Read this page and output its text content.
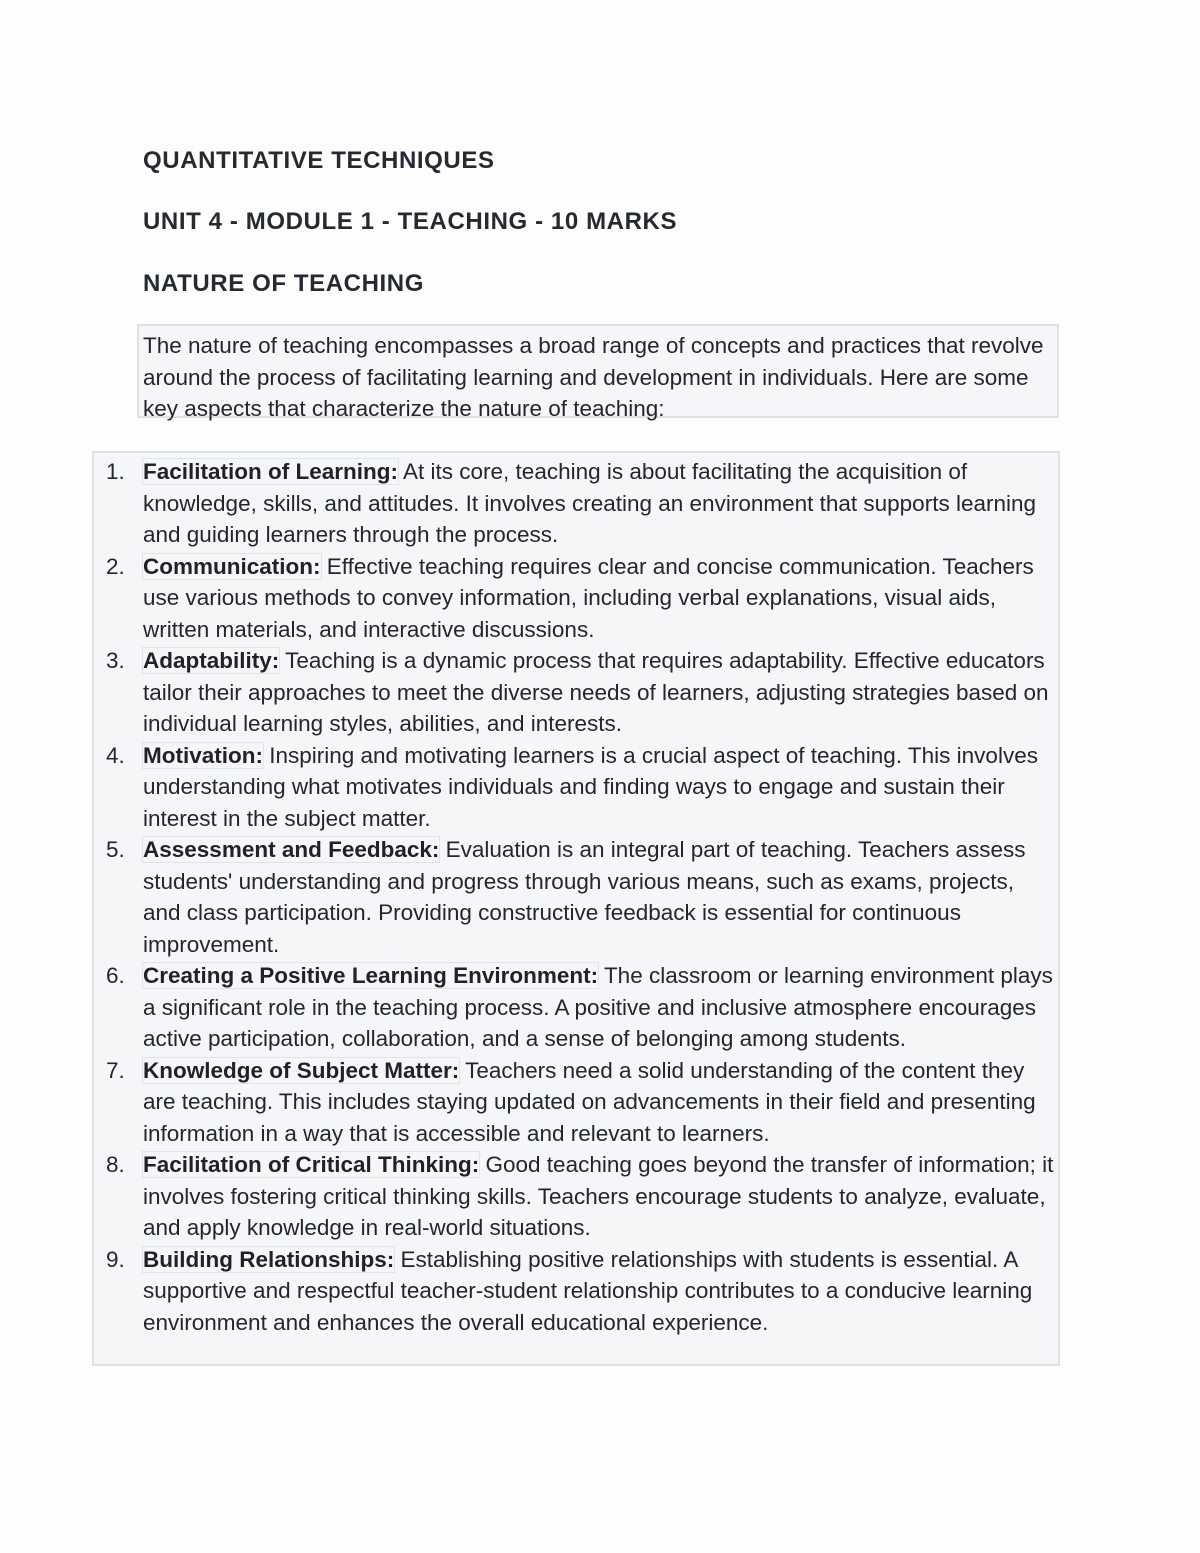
QUANTITATIVE TECHNIQUES
UNIT 4 - MODULE 1 - TEACHING - 10 MARKS
NATURE OF TEACHING
The nature of teaching encompasses a broad range of concepts and practices that revolve around the process of facilitating learning and development in individuals. Here are some key aspects that characterize the nature of teaching:
1. Facilitation of Learning: At its core, teaching is about facilitating the acquisition of knowledge, skills, and attitudes. It involves creating an environment that supports learning and guiding learners through the process.
2. Communication: Effective teaching requires clear and concise communication. Teachers use various methods to convey information, including verbal explanations, visual aids, written materials, and interactive discussions.
3. Adaptability: Teaching is a dynamic process that requires adaptability. Effective educators tailor their approaches to meet the diverse needs of learners, adjusting strategies based on individual learning styles, abilities, and interests.
4. Motivation: Inspiring and motivating learners is a crucial aspect of teaching. This involves understanding what motivates individuals and finding ways to engage and sustain their interest in the subject matter.
5. Assessment and Feedback: Evaluation is an integral part of teaching. Teachers assess students' understanding and progress through various means, such as exams, projects, and class participation. Providing constructive feedback is essential for continuous improvement.
6. Creating a Positive Learning Environment: The classroom or learning environment plays a significant role in the teaching process. A positive and inclusive atmosphere encourages active participation, collaboration, and a sense of belonging among students.
7. Knowledge of Subject Matter: Teachers need a solid understanding of the content they are teaching. This includes staying updated on advancements in their field and presenting information in a way that is accessible and relevant to learners.
8. Facilitation of Critical Thinking: Good teaching goes beyond the transfer of information; it involves fostering critical thinking skills. Teachers encourage students to analyze, evaluate, and apply knowledge in real-world situations.
9. Building Relationships: Establishing positive relationships with students is essential. A supportive and respectful teacher-student relationship contributes to a conducive learning environment and enhances the overall educational experience.
